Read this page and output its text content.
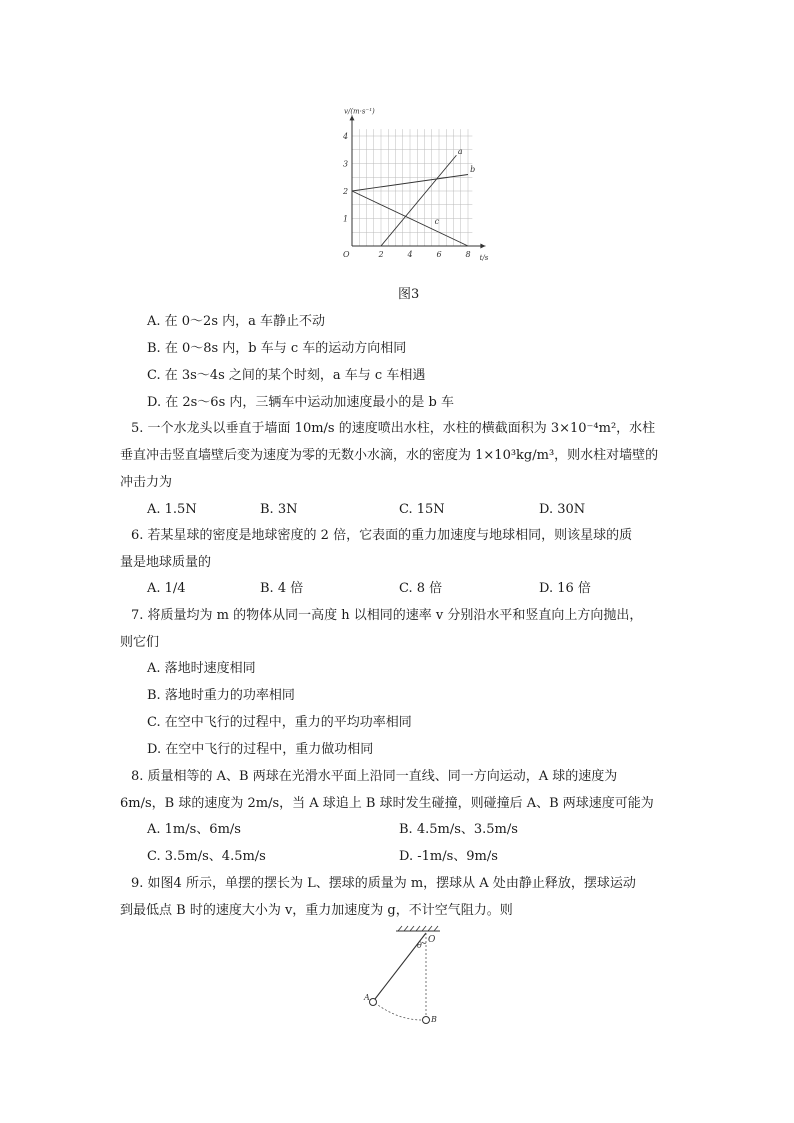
v/(m·s⁻¹)
t/s
O	2	4	6	8
1
2
3
4
a
b
c
图3
A. 在 0～2s 内，a 车静止不动
B. 在 0～8s 内，b 车与 c 车的运动方向相同
C. 在 3s～4s 之间的某个时刻，a 车与 c 车相遇
D. 在 2s～6s 内，三辆车中运动加速度最小的是 b 车
5. 一个水龙头以垂直于墙面 10m/s 的速度喷出水柱，水柱的横截面积为 3×10⁻⁴m²，水柱
垂直冲击竖直墙壁后变为速度为零的无数小水滴，水的密度为 1×10³kg/m³，则水柱对墙壁的
冲击力为
A. 1.5N	B. 3N	C. 15N	D. 30N
6. 若某星球的密度是地球密度的 2 倍，它表面的重力加速度与地球相同，则该星球的质
量是地球质量的
A. 1/4	B. 4 倍	C. 8 倍	D. 16 倍
7. 将质量均为 m 的物体从同一高度 h 以相同的速率 v 分别沿水平和竖直向上方向抛出，
则它们
A. 落地时速度相同
B. 落地时重力的功率相同
C. 在空中飞行的过程中，重力的平均功率相同
D. 在空中飞行的过程中，重力做功相同
8. 质量相等的 A、B 两球在光滑水平面上沿同一直线、同一方向运动，A 球的速度为
6m/s，B 球的速度为 2m/s，当 A 球追上 B 球时发生碰撞，则碰撞后 A、B 两球速度可能为
A. 1m/s、6m/s	B. 4.5m/s、3.5m/s
C. 3.5m/s、4.5m/s	D. -1m/s、9m/s
9. 如图4 所示，单摆的摆长为 L、摆球的质量为 m，摆球从 A 处由静止释放，摆球运动
到最低点 B 时的速度大小为 v，重力加速度为 g，不计空气阻力。则
O
θ
A
B
